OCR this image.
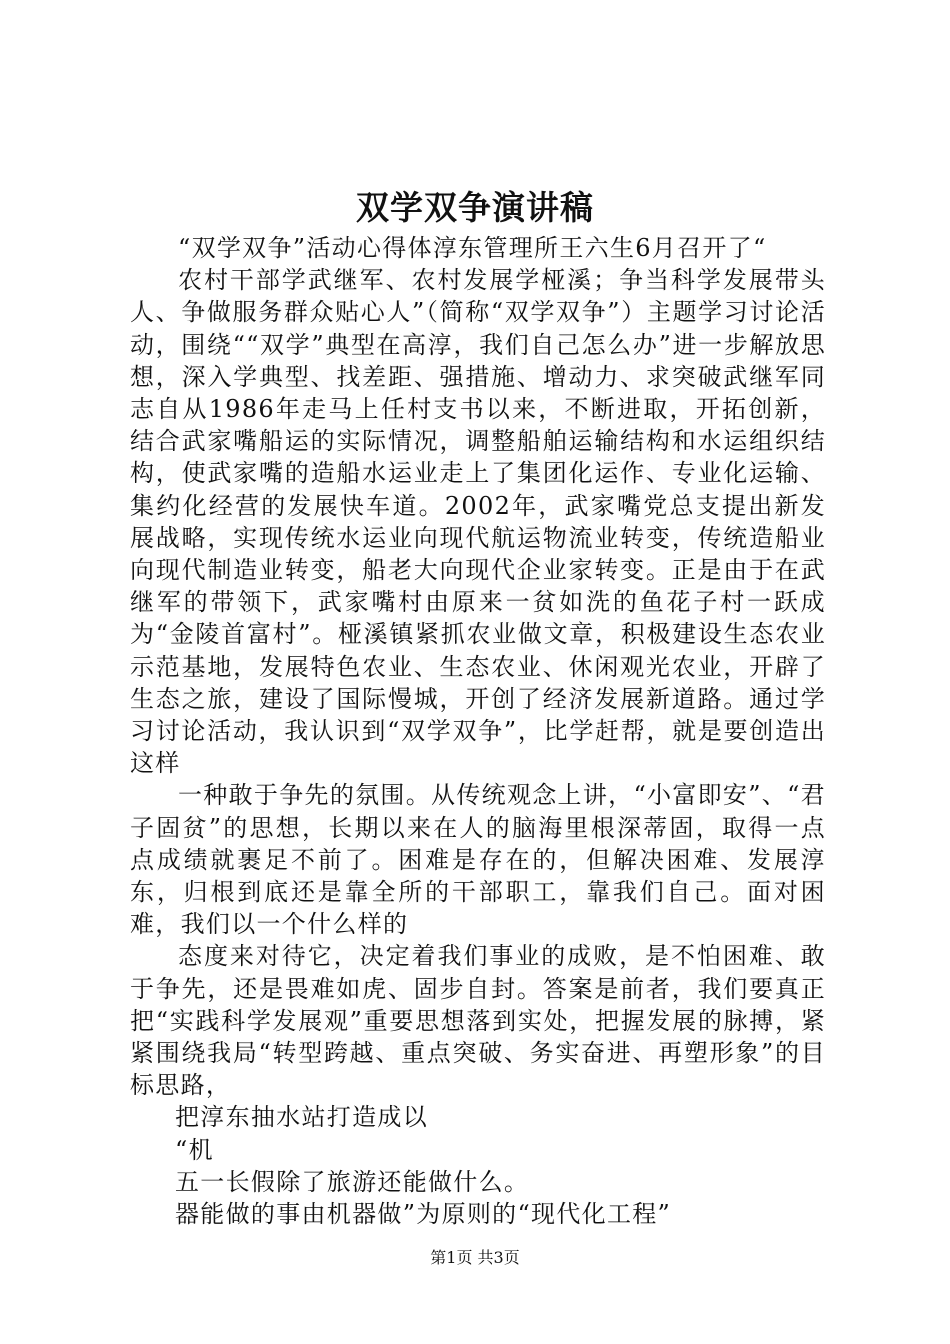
双学双争演讲稿

“双学双争”活动心得体淳东管理所王六生6月召开了“

农村干部学武继军、农村发展学桠溪；争当科学发展带头人、争做服务群众贴心人”（简称“双学双争”）主题学习讨论活动，围绕““双学”典型在高淳，我们自己怎么办”进一步解放思想，深入学典型、找差距、强措施、增动力、求突破武继军同志自从1986年走马上任村支书以来，不断进取，开拓创新，结合武家嘴船运的实际情况，调整船舶运输结构和水运组织结构，使武家嘴的造船水运业走上了集团化运作、专业化运输、集约化经营的发展快车道。2002年，武家嘴党总支提出新发展战略，实现传统水运业向现代航运物流业转变，传统造船业向现代制造业转变，船老大向现代企业家转变。正是由于在武继军的带领下，武家嘴村由原来一贫如洗的鱼花子村一跃成为“金陵首富村”。桠溪镇紧抓农业做文章，积极建设生态农业示范基地，发展特色农业、生态农业、休闲观光农业，开辟了生态之旅，建设了国际慢城，开创了经济发展新道路。通过学习讨论活动，我认识到“双学双争”，比学赶帮，就是要创造出这样

一种敢于争先的氛围。从传统观念上讲，“小富即安”、“君子固贫”的思想，长期以来在人的脑海里根深蒂固，取得一点点成绩就裹足不前了。困难是存在的，但解决困难、发展淳东，归根到底还是靠全所的干部职工，靠我们自己。面对困难，我们以一个什么样的

态度来对待它，决定着我们事业的成败，是不怕困难、敢于争先，还是畏难如虎、固步自封。答案是前者，我们要真正把“实践科学发展观”重要思想落到实处，把握发展的脉搏，紧紧围绕我局“转型跨越、重点突破、务实奋进、再塑形象”的目标思路，

把淳东抽水站打造成以

“机

五一长假除了旅游还能做什么。

器能做的事由机器做”为原则的“现代化工程”

第1页 共3页
